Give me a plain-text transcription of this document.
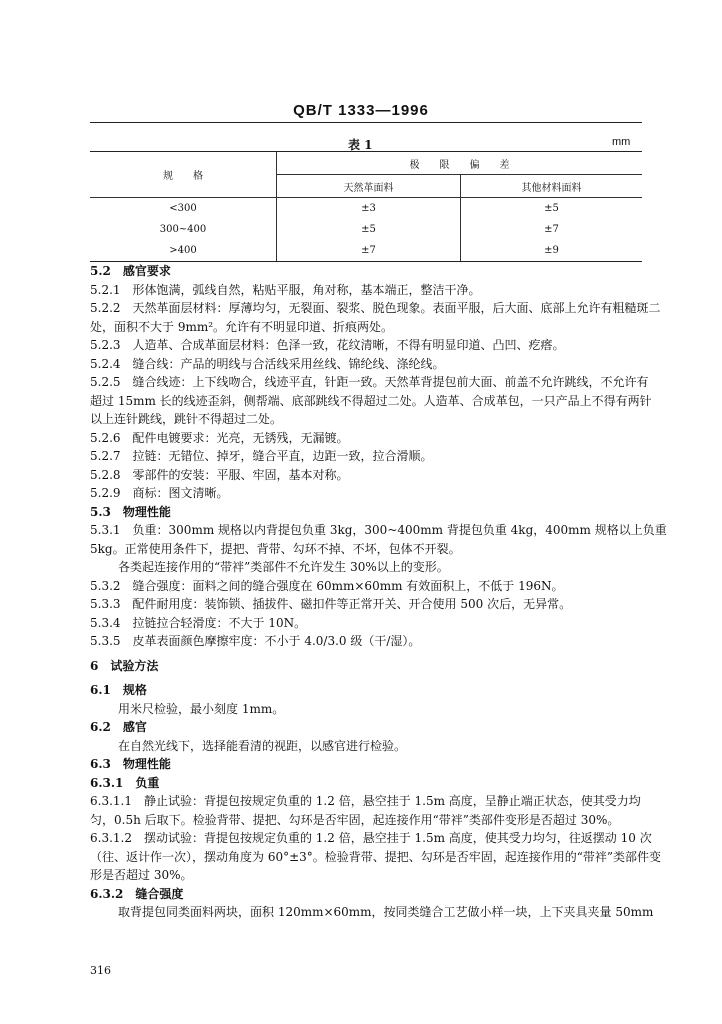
QB/T 1333—1996
表 1	mm
规　　格	极　　限　　偏　　差	
	天然革面料	其他材料面料
<300	±3	±5
300~400	±5	±7
>400	±7	±9

5.2　感官要求

5.2.1　形体饱满，弧线自然，粘贴平服，角对称，基本端正，整洁干净。

5.2.2　天然革面层材料：厚薄均匀，无裂面、裂浆、脱色现象。表面平服，后大面、底部上允许有粗糙斑二

处，面积不大于 9mm²。允许有不明显印道、折痕两处。

5.2.3　人造革、合成革面层材料：色泽一致，花纹清晰，不得有明显印道、凸凹、疙瘩。

5.2.4　缝合线：产品的明线与合活线采用丝线、锦纶线、涤纶线。

5.2.5　缝合线迹：上下线吻合，线迹平直，针距一致。天然革背提包前大面、前盖不允许跳线，不允许有

超过 15mm 长的线迹歪斜，侧帮端、底部跳线不得超过二处。人造革、合成革包，一只产品上不得有两针

以上连针跳线，跳针不得超过二处。

5.2.6　配件电镀要求：光亮，无锈残，无漏镀。

5.2.7　拉链：无错位、掉牙，缝合平直，边距一致，拉合滑顺。

5.2.8　零部件的安装：平服、牢固，基本对称。

5.2.9　商标：图文清晰。

5.3　物理性能

5.3.1　负重：300mm 规格以内背提包负重 3kg，300~400mm 背提包负重 4kg，400mm 规格以上负重

5kg。正常使用条件下，提把、背带、勾环不掉、不坏，包体不开裂。

各类起连接作用的“带袢”类部件不允许发生 30%以上的变形。

5.3.2　缝合强度：面料之间的缝合强度在 60mm×60mm 有效面积上，不低于 196N。

5.3.3　配件耐用度：装饰锁、插拔件、磁扣件等正常开关、开合使用 500 次后，无异常。

5.3.4　拉链拉合轻滑度：不大于 10N。

5.3.5　皮革表面颜色摩擦牢度：不小于 4.0/3.0 级（干/湿）。

6　试验方法

6.1　规格

用米尺检验，最小刻度 1mm。

6.2　感官

在自然光线下，选择能看清的视距，以感官进行检验。

6.3　物理性能

6.3.1　负重

6.3.1.1　静止试验：背提包按规定负重的 1.2 倍，悬空挂于 1.5m 高度，呈静止端正状态，使其受力均

匀，0.5h 后取下。检验背带、提把、勾环是否牢固，起连接作用“带袢”类部件变形是否超过 30%。

6.3.1.2　摆动试验：背提包按规定负重的 1.2 倍，悬空挂于 1.5m 高度，使其受力均匀，往返摆动 10 次

（往、返计作一次），摆动角度为 60°±3°。检验背带、提把、勾环是否牢固，起连接作用的“带袢”类部件变

形是否超过 30%。

6.3.2　缝合强度

取背提包同类面料两块，面积 120mm×60mm，按同类缝合工艺做小样一块，上下夹具夹量 50mm

316
